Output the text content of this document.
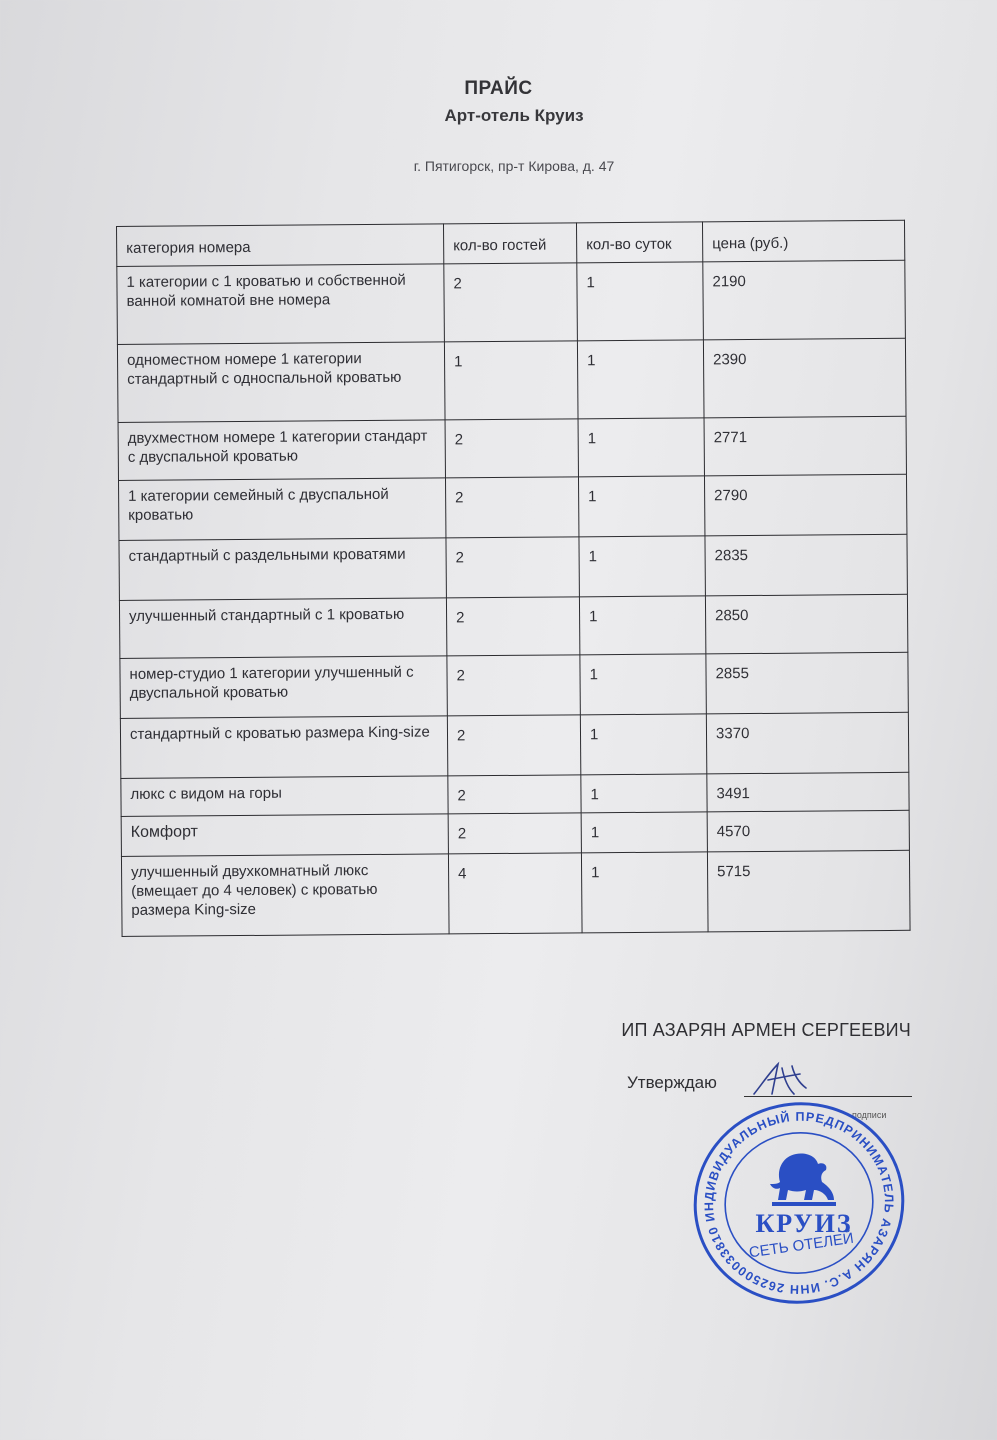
ПРАЙС
Арт-отель Круиз
г. Пятигорск, пр-т Кирова, д. 47
категория номера	кол-во гостей	кол-во суток	цена (руб.)
1 категории с 1 кроватью и собственной ванной комнатой вне номера	2	1	2190
одноместном номере 1 категории стандартный с односпальной кроватью	1	1	2390
двухместном номере 1 категории стандарт с двуспальной кроватью	2	1	2771
1 категории семейный с двуспальной кроватью	2	1	2790
стандартный с раздельными кроватями	2	1	2835
улучшенный стандартный с 1 кроватью	2	1	2850
номер-студио 1 категории улучшенный с двуспальной кроватью	2	1	2855
стандартный с кроватью размера King-size	2	1	3370
люкс с видом на горы	2	1	3491
Комфорт	2	1	4570
улучшенный двухкомнатный люкс (вмещает до 4 человек) с кроватью размера King-size	4	1	5715
ИП АЗАРЯН АРМЕН СЕРГЕЕВИЧ
Утверждаю
подписи
ИНДИВИДУАЛЬНЫЙ ПРЕДПРИНИМАТЕЛЬ АЗАРЯН А.С. ИНН 262500033810	КРУИЗ
СЕТЬ ОТЕЛЕЙ
